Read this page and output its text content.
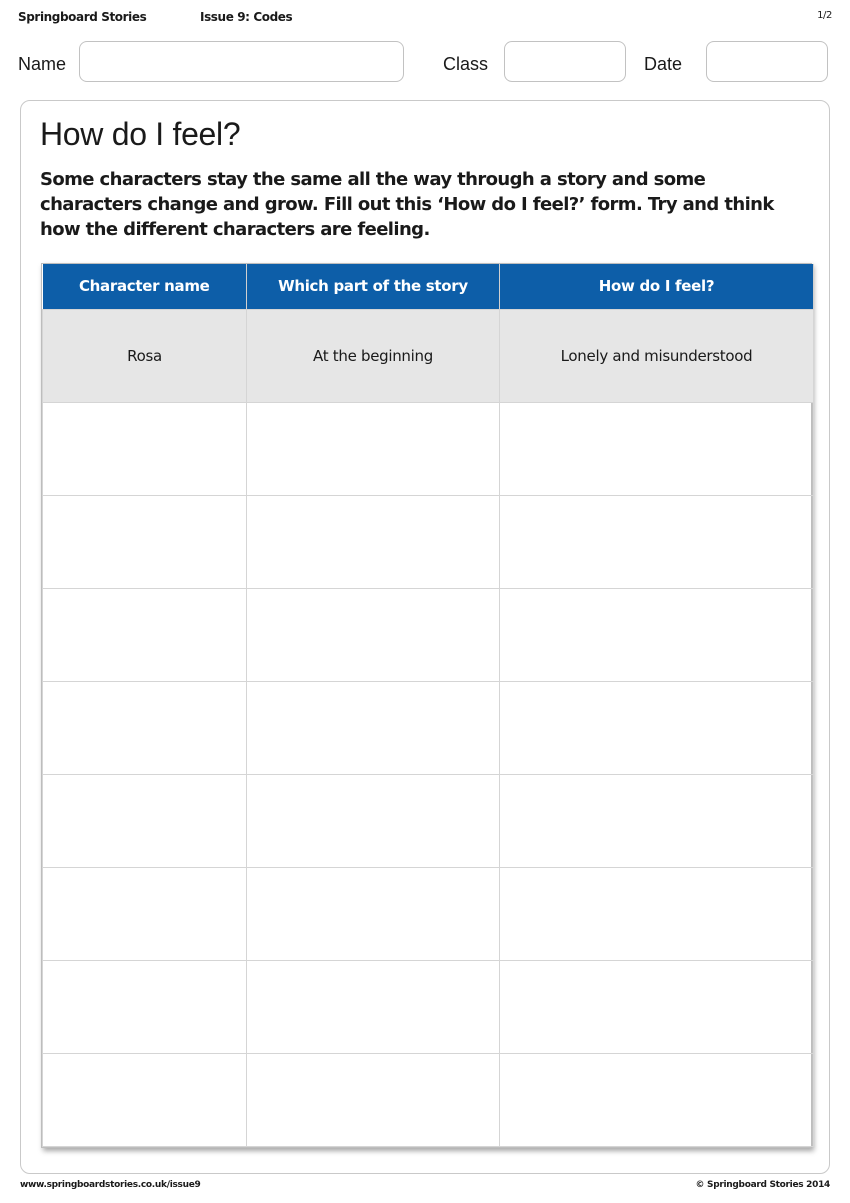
Springboard Stories	Issue 9: Codes	1/2
Name	Class	Date
How do I feel?

Some characters stay the same all the way through a story and some characters change and grow. Fill out this ‘How do I feel?’ form. Try and think how the different characters are feeling.

Character name	Which part of the story	How do I feel?
Rosa	At the beginning	Lonely and misunderstood

www.springboardstories.co.uk/issue9	© Springboard Stories 2014
